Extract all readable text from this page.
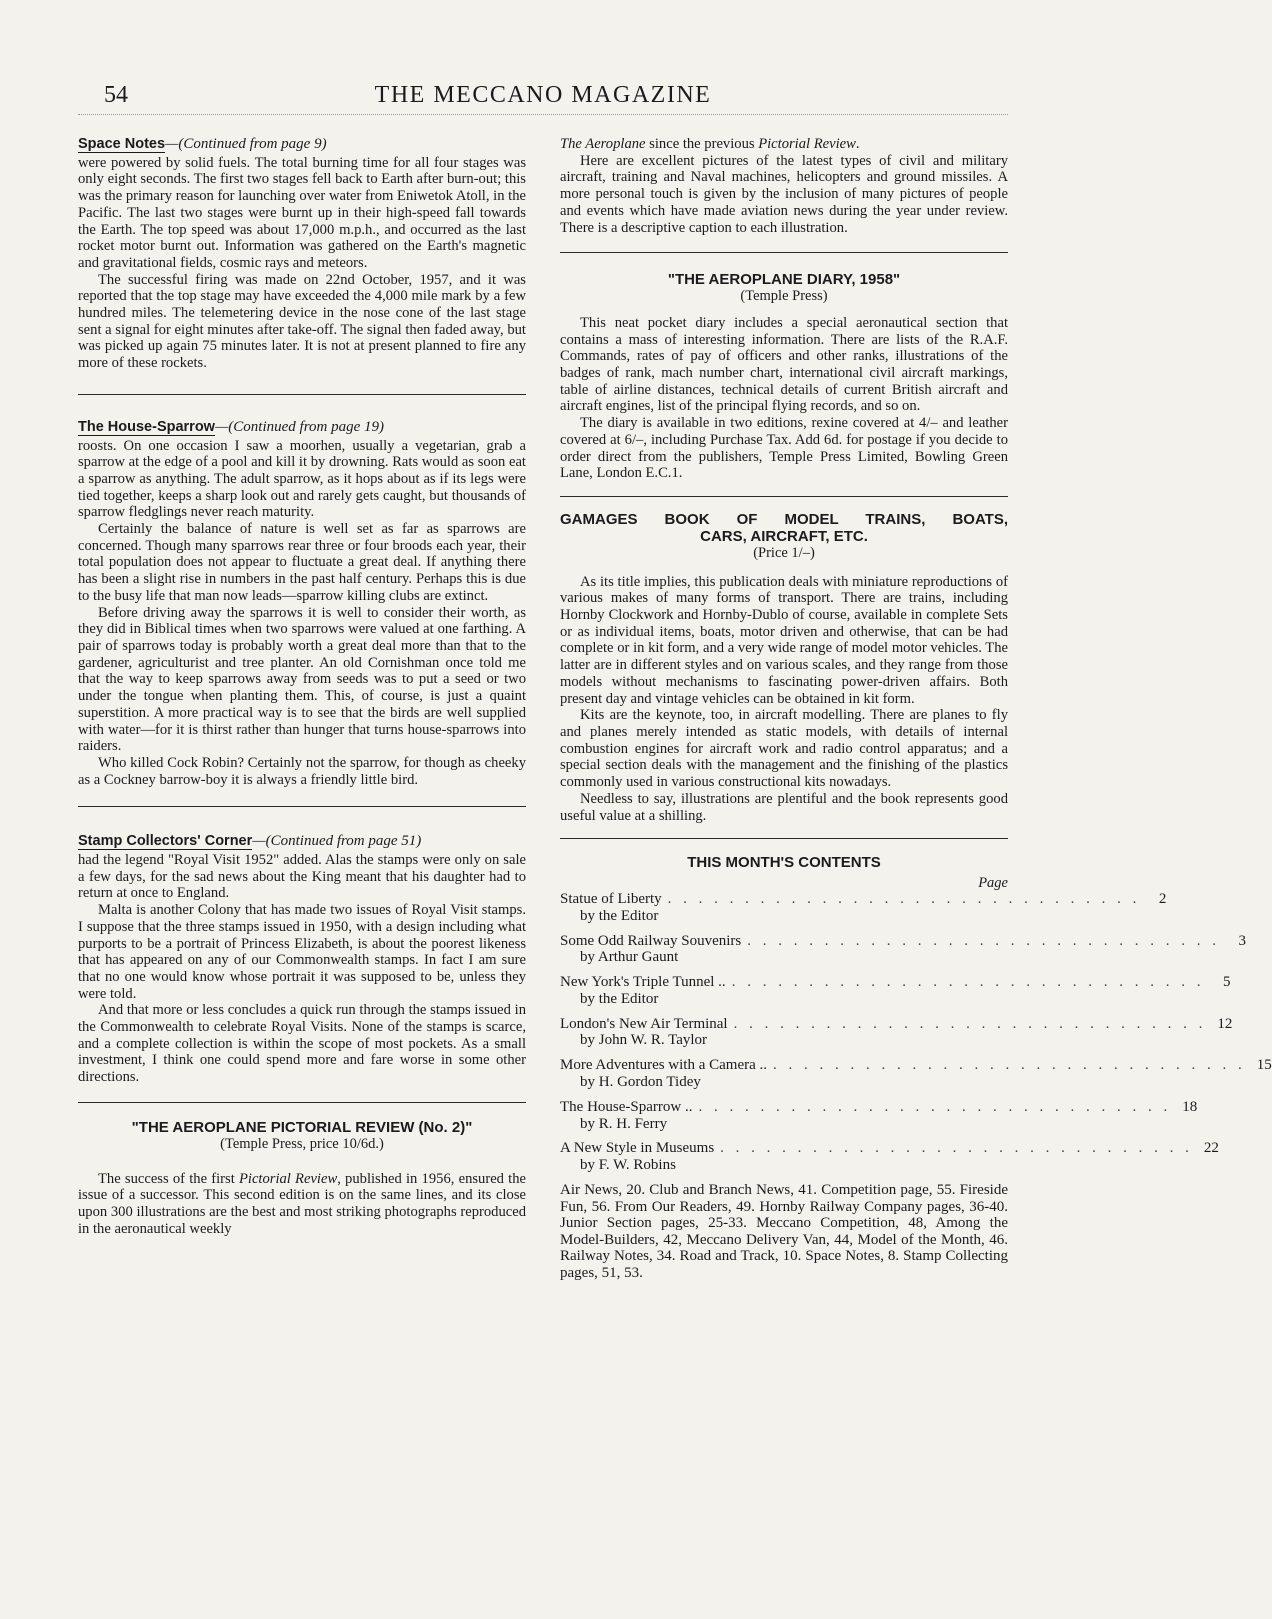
54	THE MECCANO MAGAZINE
Space Notes—(Continued from page 9)

were powered by solid fuels. The total burning time for all four stages was only eight seconds. The first two stages fell back to Earth after burn-out; this was the primary reason for launching over water from Eniwetok Atoll, in the Pacific. The last two stages were burnt up in their high-speed fall towards the Earth. The top speed was about 17,000 m.p.h., and occurred as the last rocket motor burnt out. Information was gathered on the Earth's magnetic and gravitational fields, cosmic rays and meteors.

The successful firing was made on 22nd October, 1957, and it was reported that the top stage may have exceeded the 4,000 mile mark by a few hundred miles. The telemetering device in the nose cone of the last stage sent a signal for eight minutes after take-off. The signal then faded away, but was picked up again 75 minutes later. It is not at present planned to fire any more of these rockets.

The House-Sparrow—(Continued from page 19)

roosts. On one occasion I saw a moorhen, usually a vegetarian, grab a sparrow at the edge of a pool and kill it by drowning. Rats would as soon eat a sparrow as anything. The adult sparrow, as it hops about as if its legs were tied together, keeps a sharp look out and rarely gets caught, but thousands of sparrow fledglings never reach maturity.

Certainly the balance of nature is well set as far as sparrows are concerned. Though many sparrows rear three or four broods each year, their total population does not appear to fluctuate a great deal. If anything there has been a slight rise in numbers in the past half century. Perhaps this is due to the busy life that man now leads—sparrow killing clubs are extinct.

Before driving away the sparrows it is well to consider their worth, as they did in Biblical times when two sparrows were valued at one farthing. A pair of sparrows today is probably worth a great deal more than that to the gardener, agriculturist and tree planter. An old Cornishman once told me that the way to keep sparrows away from seeds was to put a seed or two under the tongue when planting them. This, of course, is just a quaint superstition. A more practical way is to see that the birds are well supplied with water—for it is thirst rather than hunger that turns house-sparrows into raiders.

Who killed Cock Robin? Certainly not the sparrow, for though as cheeky as a Cockney barrow-boy it is always a friendly little bird.

Stamp Collectors' Corner—(Continued from page 51)

had the legend "Royal Visit 1952" added. Alas the stamps were only on sale a few days, for the sad news about the King meant that his daughter had to return at once to England.

Malta is another Colony that has made two issues of Royal Visit stamps. I suppose that the three stamps issued in 1950, with a design including what purports to be a portrait of Princess Elizabeth, is about the poorest likeness that has appeared on any of our Commonwealth stamps. In fact I am sure that no one would know whose portrait it was supposed to be, unless they were told.

And that more or less concludes a quick run through the stamps issued in the Commonwealth to celebrate Royal Visits. None of the stamps is scarce, and a complete collection is within the scope of most pockets. As a small investment, I think one could spend more and fare worse in some other directions.

"THE AEROPLANE PICTORIAL REVIEW (No. 2)"
(Temple Press, price 10/6d.)

The success of the first Pictorial Review, published in 1956, ensured the issue of a successor. This second edition is on the same lines, and its close upon 300 illustrations are the best and most striking photographs reproduced in the aeronautical weekly

The Aeroplane since the previous Pictorial Review.

Here are excellent pictures of the latest types of civil and military aircraft, training and Naval machines, helicopters and ground missiles. A more personal touch is given by the inclusion of many pictures of people and events which have made aviation news during the year under review. There is a descriptive caption to each illustration.

"THE AEROPLANE DIARY, 1958"
(Temple Press)

This neat pocket diary includes a special aeronautical section that contains a mass of interesting information. There are lists of the R.A.F. Commands, rates of pay of officers and other ranks, illustrations of the badges of rank, mach number chart, international civil aircraft markings, table of airline distances, technical details of current British aircraft and aircraft engines, list of the principal flying records, and so on.

The diary is available in two editions, rexine covered at 4/– and leather covered at 6/–, including Purchase Tax. Add 6d. for postage if you decide to order direct from the publishers, Temple Press Limited, Bowling Green Lane, London E.C.1.

GAMAGES BOOK OF MODEL TRAINS, BOATS,
CARS, AIRCRAFT, ETC.
(Price 1/–)

As its title implies, this publication deals with miniature reproductions of various makes of many forms of transport. There are trains, including Hornby Clockwork and Hornby-Dublo of course, available in complete Sets or as individual items, boats, motor driven and otherwise, that can be had complete or in kit form, and a very wide range of model motor vehicles. The latter are in different styles and on various scales, and they range from those models without mechanisms to fascinating power-driven affairs. Both present day and vintage vehicles can be obtained in kit form.

Kits are the keynote, too, in aircraft modelling. There are planes to fly and planes merely intended as static models, with details of internal combustion engines for aircraft work and radio control apparatus; and a special section deals with the management and the finishing of the plastics commonly used in various constructional kits nowadays.

Needless to say, illustrations are plentiful and the book represents good useful value at a shilling.

THIS MONTH'S CONTENTS
Page
Statue of Liberty . . . . . . . . . . . . . . . . . . . . . . . . . . . . . . .	2
by the Editor
Some Odd Railway Souvenirs . . . . . . . . . . . . . . . . . . . . . . . . . . . . . . .	3
by Arthur Gaunt
New York's Triple Tunnel .. . . . . . . . . . . . . . . . . . . . . . . . . . . . . . . .	5
by the Editor
London's New Air Terminal . . . . . . . . . . . . . . . . . . . . . . . . . . . . . . . 12
by John W. R. Taylor
More Adventures with a Camera .. . . . . . . . . . . . . . . . . . . . . . . . . . . . . . . . 15
by H. Gordon Tidey
The House-Sparrow .. . . . . . . . . . . . . . . . . . . . . . . . . . . . . . . . 18
by R. H. Ferry
A New Style in Museums . . . . . . . . . . . . . . . . . . . . . . . . . . . . . . . 22
by F. W. Robins

Air News, 20. Club and Branch News, 41. Competition page, 55. Fireside Fun, 56. From Our Readers, 49. Hornby Railway Company pages, 36-40. Junior Section pages, 25-33. Meccano Competition, 48, Among the Model-Builders, 42, Meccano Delivery Van, 44, Model of the Month, 46. Railway Notes, 34. Road and Track, 10. Space Notes, 8. Stamp Collecting pages, 51, 53.
